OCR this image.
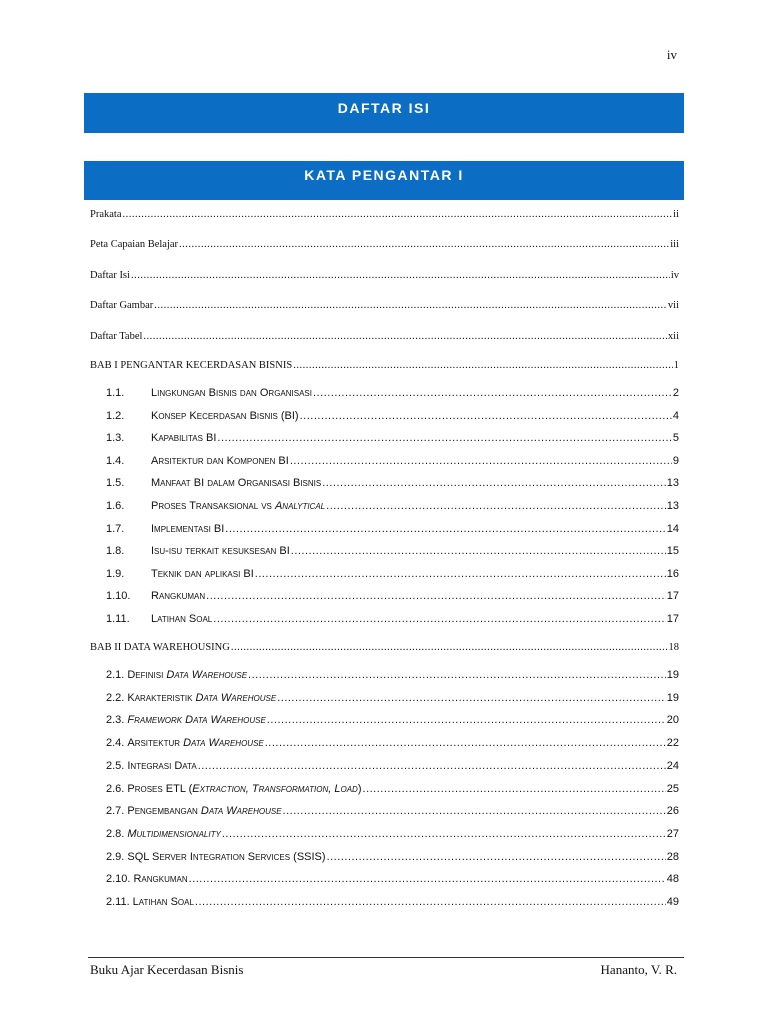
iv
DAFTAR ISI
KATA PENGANTAR I
Prakata .....	ii
Peta Capaian Belajar .....	iii
Daftar Isi .....	iv
Daftar Gambar .....	vii
Daftar Tabel .....	xii
BAB I PENGANTAR KECERDASAN BISNIS .....	1
1.1.	Lingkungan Bisnis dan Organisasi .....	2
1.2.	Konsep Kecerdasan Bisnis (BI) .....	4
1.3.	Kapabilitas BI .....	5
1.4.	Arsitektur dan Komponen BI .....	9
1.5.	Manfaat BI dalam Organisasi Bisnis .....	13
1.6.	Proses Transaksional vs Analytical .....	13
1.7.	Implementasi BI .....	14
1.8.	Isu-isu terkait kesuksesan BI .....	15
1.9.	Teknik dan aplikasi BI .....	16
1.10.	Rangkuman .....	17
1.11.	Latihan Soal .....	17
BAB II DATA WAREHOUSING .....	18
2.1. Definisi Data Warehouse .....	19
2.2. Karakteristik Data Warehouse .....	19
2.3. Framework Data Warehouse .....	20
2.4. Arsitektur Data Warehouse .....	22
2.5. Integrasi Data .....	24
2.6. Proses ETL (Extraction, Transformation, Load) .....	25
2.7. Pengembangan Data Warehouse .....	26
2.8. Multidimensionality .....	27
2.9. SQL Server Integration Services (SSIS) .....	28
2.10. Rangkuman .....	48
2.11. Latihan Soal .....	49
Buku Ajar Kecerdasan Bisnis	Hananto, V. R.
